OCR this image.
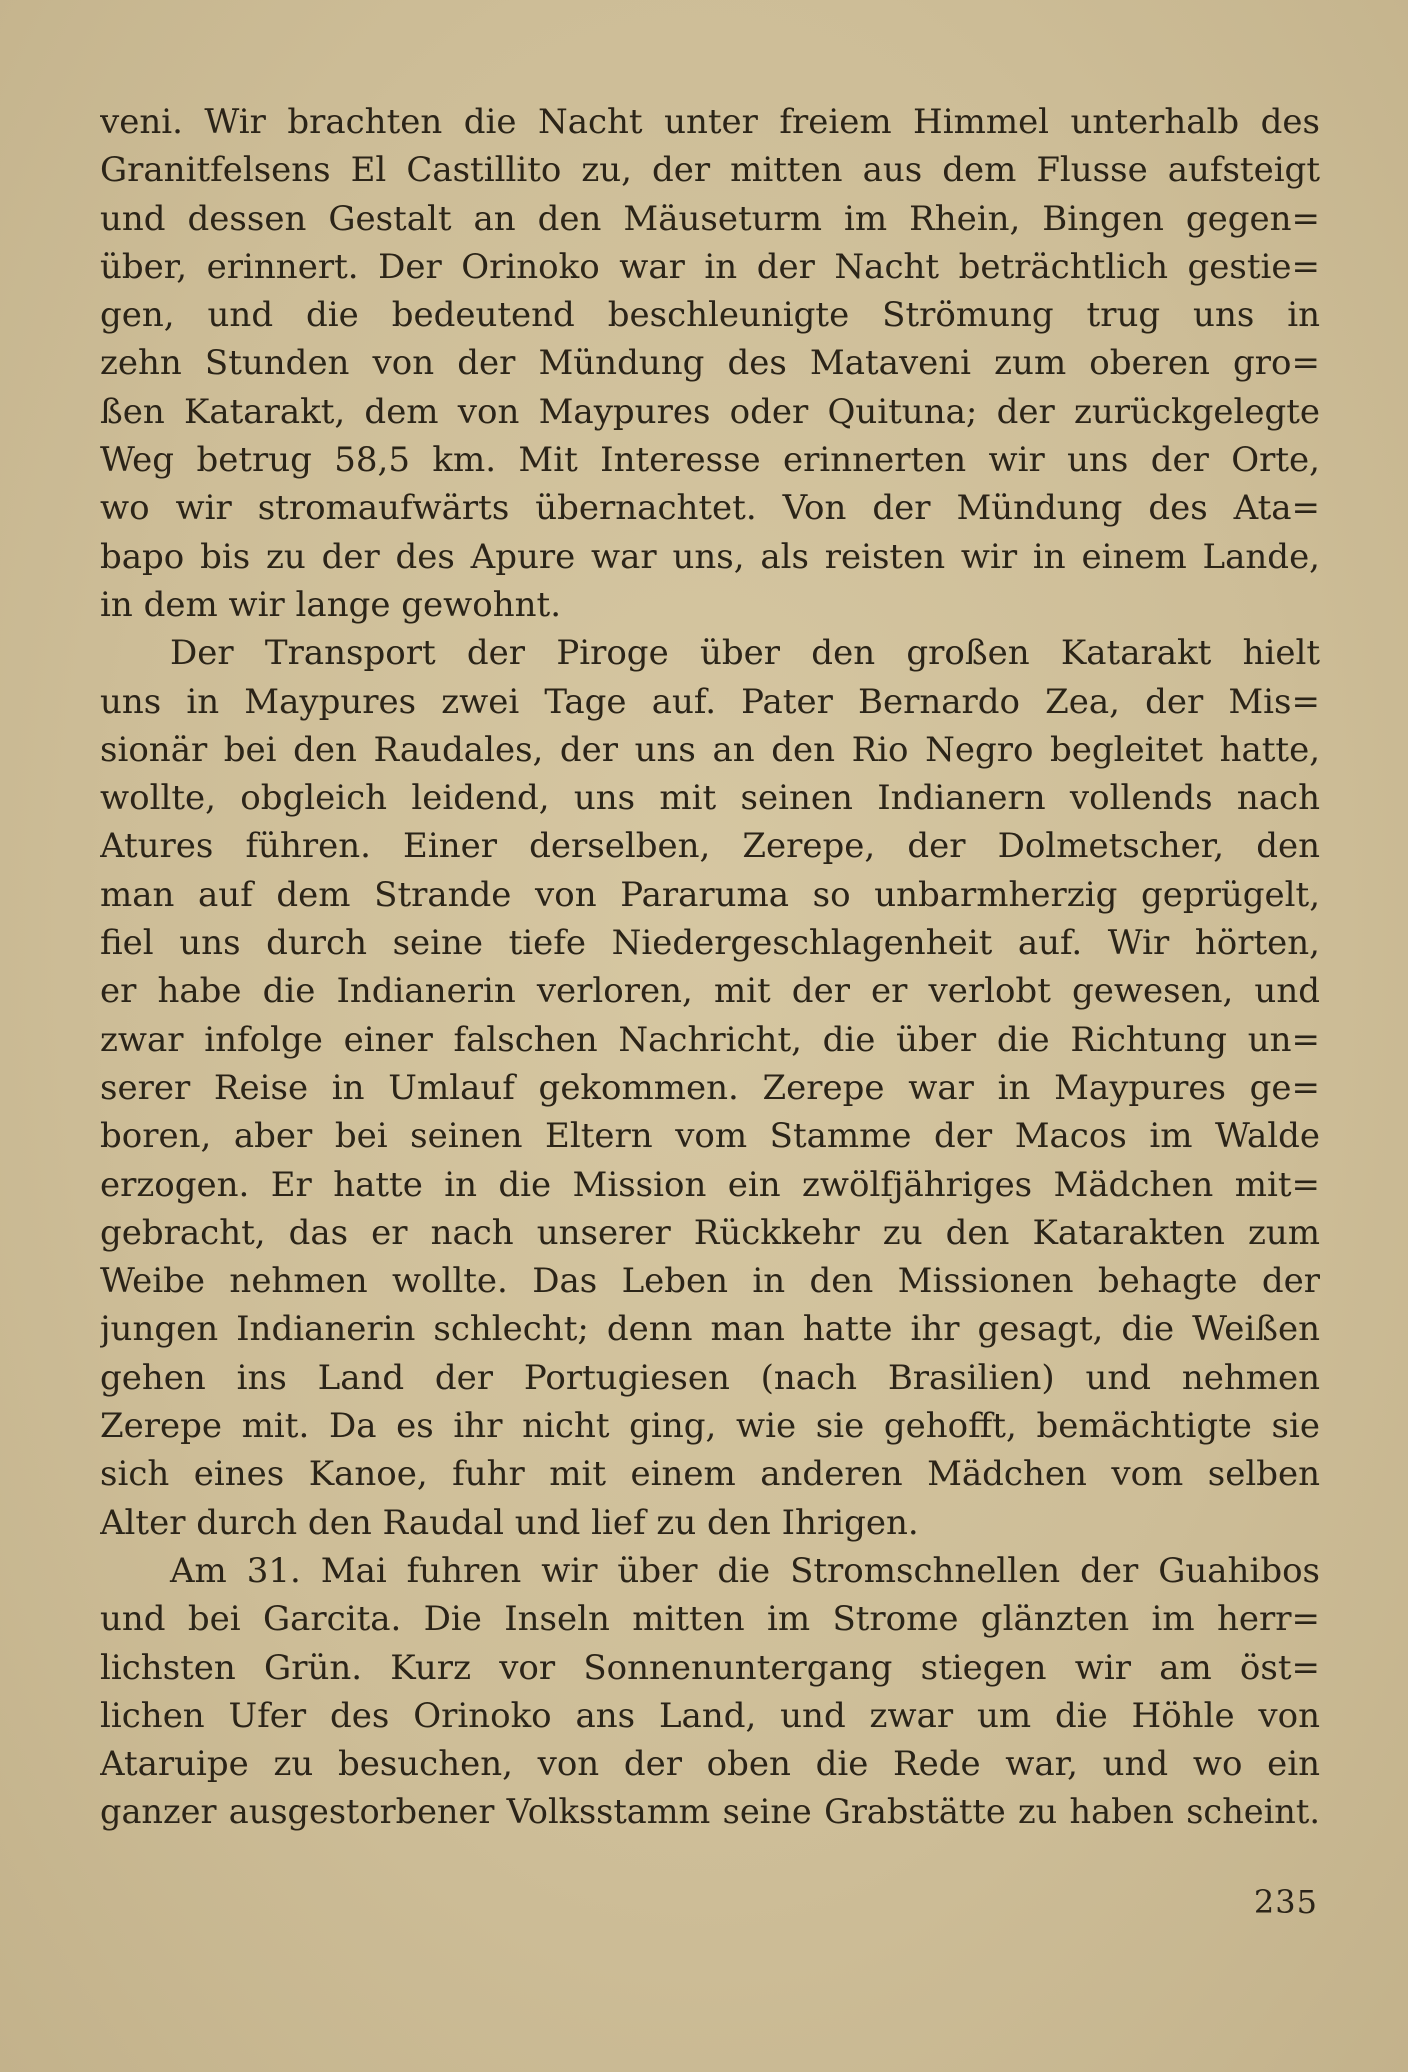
veni. Wir brachten die Nacht unter freiem Himmel unterhalb des
Granitfelsens El Castillito zu, der mitten aus dem Flusse aufsteigt
und dessen Gestalt an den Mäuseturm im Rhein, Bingen gegen=
über, erinnert. Der Orinoko war in der Nacht beträchtlich gestie=
gen, und die bedeutend beschleunigte Strömung trug uns in
zehn Stunden von der Mündung des Mataveni zum oberen gro=
ßen Katarakt, dem von Maypures oder Quituna; der zurückgelegte
Weg betrug 58,5 km. Mit Interesse erinnerten wir uns der Orte,
wo wir stromaufwärts übernachtet. Von der Mündung des Ata=
bapo bis zu der des Apure war uns, als reisten wir in einem Lande,
in dem wir lange gewohnt.
Der Transport der Piroge über den großen Katarakt hielt
uns in Maypures zwei Tage auf. Pater Bernardo Zea, der Mis=
sionär bei den Raudales, der uns an den Rio Negro begleitet hatte,
wollte, obgleich leidend, uns mit seinen Indianern vollends nach
Atures führen. Einer derselben, Zerepe, der Dolmetscher, den
man auf dem Strande von Pararuma so unbarmherzig geprügelt,
fiel uns durch seine tiefe Niedergeschlagenheit auf. Wir hörten,
er habe die Indianerin verloren, mit der er verlobt gewesen, und
zwar infolge einer falschen Nachricht, die über die Richtung un=
serer Reise in Umlauf gekommen. Zerepe war in Maypures ge=
boren, aber bei seinen Eltern vom Stamme der Macos im Walde
erzogen. Er hatte in die Mission ein zwölfjähriges Mädchen mit=
gebracht, das er nach unserer Rückkehr zu den Katarakten zum
Weibe nehmen wollte. Das Leben in den Missionen behagte der
jungen Indianerin schlecht; denn man hatte ihr gesagt, die Weißen
gehen ins Land der Portugiesen (nach Brasilien) und nehmen
Zerepe mit. Da es ihr nicht ging, wie sie gehofft, bemächtigte sie
sich eines Kanoe, fuhr mit einem anderen Mädchen vom selben
Alter durch den Raudal und lief zu den Ihrigen.
Am 31. Mai fuhren wir über die Stromschnellen der Guahibos
und bei Garcita. Die Inseln mitten im Strome glänzten im herr=
lichsten Grün. Kurz vor Sonnenuntergang stiegen wir am öst=
lichen Ufer des Orinoko ans Land, und zwar um die Höhle von
Ataruipe zu besuchen, von der oben die Rede war, und wo ein
ganzer ausgestorbener Volksstamm seine Grabstätte zu haben scheint.
235
